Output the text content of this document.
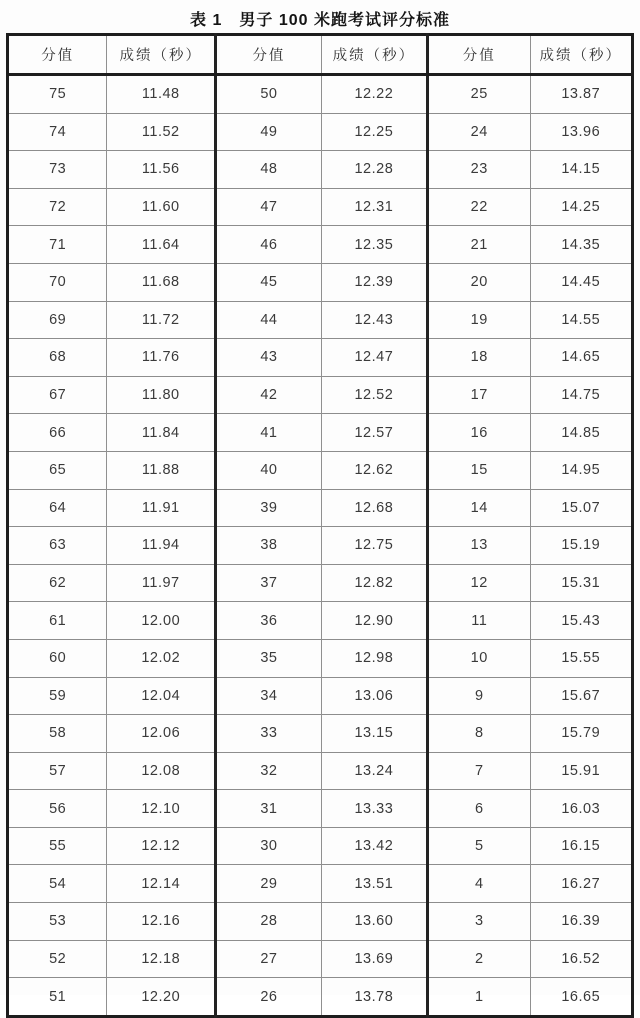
表 1　男子 100 米跑考试评分标准
分值	成绩（秒）	分值	成绩（秒）	分值	成绩（秒）
75	11.48	50	12.22	25	13.87
74	11.52	49	12.25	24	13.96
73	11.56	48	12.28	23	14.15
72	11.60	47	12.31	22	14.25
71	11.64	46	12.35	21	14.35
70	11.68	45	12.39	20	14.45
69	11.72	44	12.43	19	14.55
68	11.76	43	12.47	18	14.65
67	11.80	42	12.52	17	14.75
66	11.84	41	12.57	16	14.85
65	11.88	40	12.62	15	14.95
64	11.91	39	12.68	14	15.07
63	11.94	38	12.75	13	15.19
62	11.97	37	12.82	12	15.31
61	12.00	36	12.90	11	15.43
60	12.02	35	12.98	10	15.55
59	12.04	34	13.06	9	15.67
58	12.06	33	13.15	8	15.79
57	12.08	32	13.24	7	15.91
56	12.10	31	13.33	6	16.03
55	12.12	30	13.42	5	16.15
54	12.14	29	13.51	4	16.27
53	12.16	28	13.60	3	16.39
52	12.18	27	13.69	2	16.52
51	12.20	26	13.78	1	16.65
